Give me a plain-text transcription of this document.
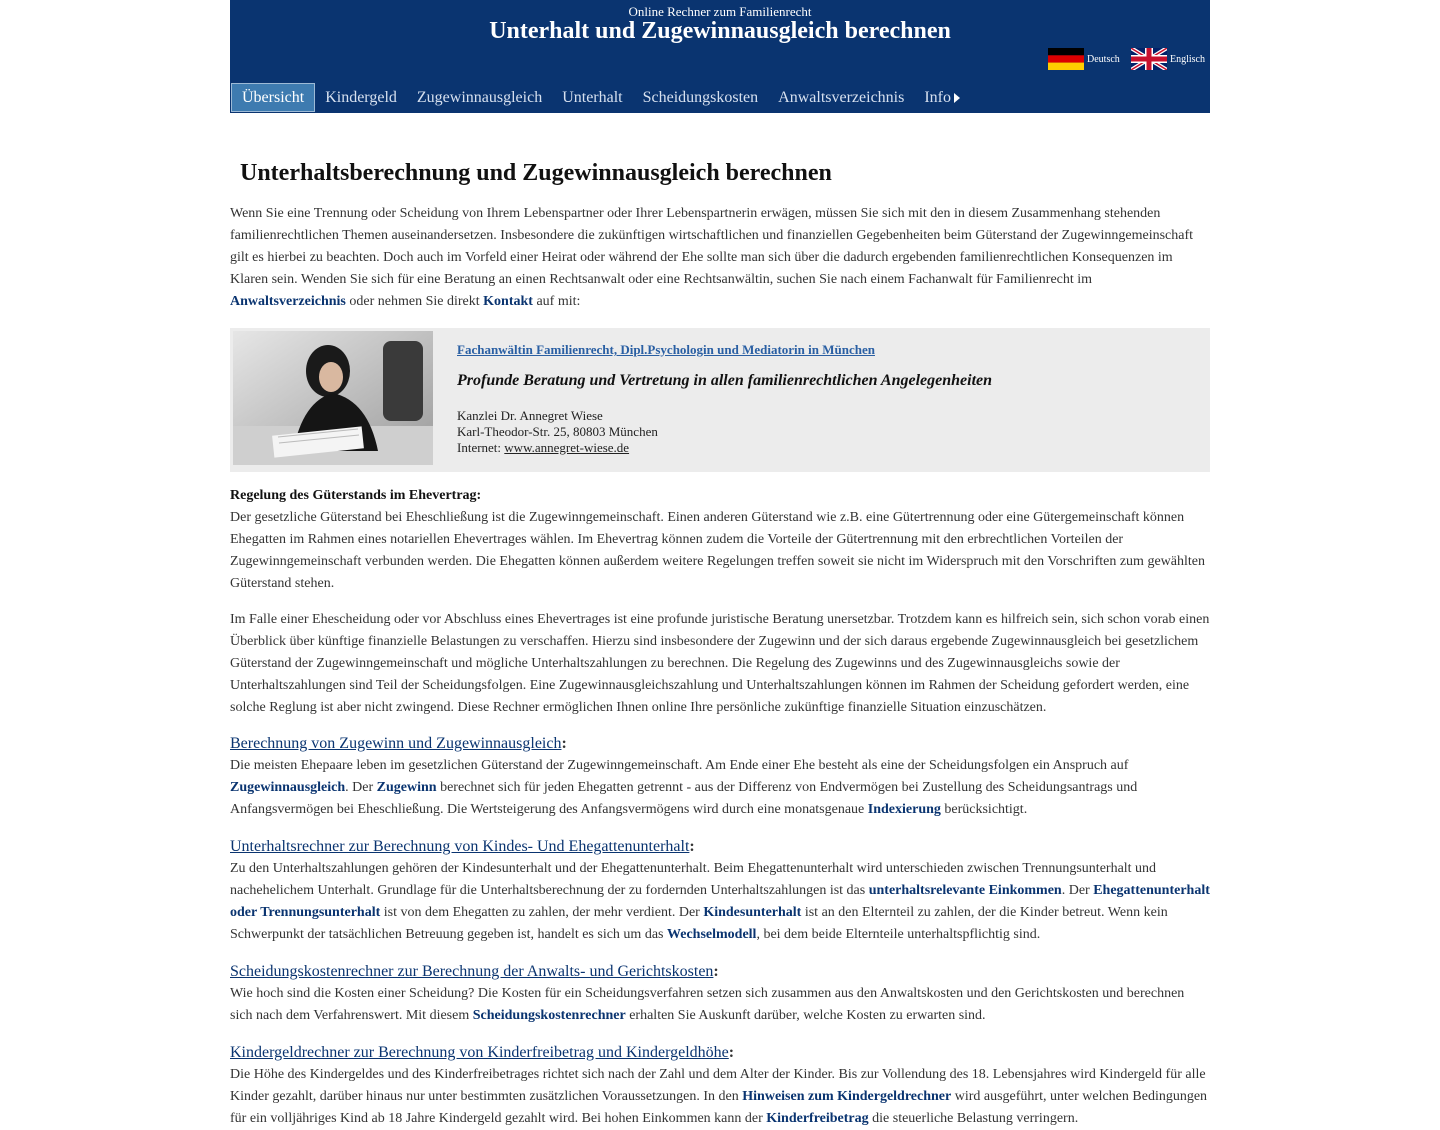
Online Rechner zum Familienrecht
Unterhalt und Zugewinnausgleich berechnen
Deutsch	Englisch
Übersicht	Kindergeld	Zugewinnausgleich	Unterhalt	Scheidungskosten	Anwaltsverzeichnis	Info
Unterhaltsberechnung und Zugewinnausgleich berechnen

Wenn Sie eine Trennung oder Scheidung von Ihrem Lebenspartner oder Ihrer Lebenspartnerin erwägen, müssen Sie sich mit den in diesem Zusammenhang stehenden familienrechtlichen Themen auseinandersetzen. Insbesondere die zukünftigen wirtschaftlichen und finanziellen Gegebenheiten beim Güterstand der Zugewinngemeinschaft gilt es hierbei zu beachten. Doch auch im Vorfeld einer Heirat oder während der Ehe sollte man sich über die dadurch ergebenden familienrechtlichen Konsequenzen im Klaren sein. Wenden Sie sich für eine Beratung an einen Rechtsanwalt oder eine Rechtsanwältin, suchen Sie nach einem Fachanwalt für Familienrecht im Anwaltsverzeichnis oder nehmen Sie direkt Kontakt auf mit:

Fachanwältin Familienrecht, Dipl.Psychologin und Mediatorin in München
Profunde Beratung und Vertretung in allen familienrechtlichen Angelegenheiten
Kanzlei Dr. Annegret Wiese
Karl-Theodor-Str. 25, 80803 München
Internet: www.annegret-wiese.de

Regelung des Güterstands im Ehevertrag:

Der gesetzliche Güterstand bei Eheschließung ist die Zugewinngemeinschaft. Einen anderen Güterstand wie z.B. eine Gütertrennung oder eine Gütergemeinschaft können Ehegatten im Rahmen eines notariellen Ehevertrages wählen. Im Ehevertrag können zudem die Vorteile der Gütertrennung mit den erbrechtlichen Vorteilen der Zugewinngemeinschaft verbunden werden. Die Ehegatten können außerdem weitere Regelungen treffen soweit sie nicht im Widerspruch mit den Vorschriften zum gewählten Güterstand stehen.

Im Falle einer Ehescheidung oder vor Abschluss eines Ehevertrages ist eine profunde juristische Beratung unersetzbar. Trotzdem kann es hilfreich sein, sich schon vorab einen Überblick über künftige finanzielle Belastungen zu verschaffen. Hierzu sind insbesondere der Zugewinn und der sich daraus ergebende Zugewinnausgleich bei gesetzlichem Güterstand der Zugewinngemeinschaft und mögliche Unterhaltszahlungen zu berechnen. Die Regelung des Zugewinns und des Zugewinnausgleichs sowie der Unterhaltszahlungen sind Teil der Scheidungsfolgen. Eine Zugewinnausgleichszahlung und Unterhaltszahlungen können im Rahmen der Scheidung gefordert werden, eine solche Reglung ist aber nicht zwingend. Diese Rechner ermöglichen Ihnen online Ihre persönliche zukünftige finanzielle Situation einzuschätzen.

Berechnung von Zugewinn und Zugewinnausgleich:

Die meisten Ehepaare leben im gesetzlichen Güterstand der Zugewinngemeinschaft. Am Ende einer Ehe besteht als eine der Scheidungsfolgen ein Anspruch auf Zugewinnausgleich. Der Zugewinn berechnet sich für jeden Ehegatten getrennt - aus der Differenz von Endvermögen bei Zustellung des Scheidungsantrags und Anfangsvermögen bei Eheschließung. Die Wertsteigerung des Anfangsvermögens wird durch eine monatsgenaue Indexierung berücksichtigt.

Unterhaltsrechner zur Berechnung von Kindes- Und Ehegattenunterhalt:

Zu den Unterhaltszahlungen gehören der Kindesunterhalt und der Ehegattenunterhalt. Beim Ehegattenunterhalt wird unterschieden zwischen Trennungsunterhalt und nachehelichem Unterhalt. Grundlage für die Unterhaltsberechnung der zu fordernden Unterhaltszahlungen ist das unterhaltsrelevante Einkommen. Der Ehegattenunterhalt oder Trennungsunterhalt ist von dem Ehegatten zu zahlen, der mehr verdient. Der Kindesunterhalt ist an den Elternteil zu zahlen, der die Kinder betreut. Wenn kein Schwerpunkt der tatsächlichen Betreuung gegeben ist, handelt es sich um das Wechselmodell, bei dem beide Elternteile unterhaltspflichtig sind.

Scheidungskostenrechner zur Berechnung der Anwalts- und Gerichtskosten:

Wie hoch sind die Kosten einer Scheidung? Die Kosten für ein Scheidungsverfahren setzen sich zusammen aus den Anwaltskosten und den Gerichtskosten und berechnen sich nach dem Verfahrenswert. Mit diesem Scheidungskostenrechner erhalten Sie Auskunft darüber, welche Kosten zu erwarten sind.

Kindergeldrechner zur Berechnung von Kinderfreibetrag und Kindergeldhöhe:

Die Höhe des Kindergeldes und des Kinderfreibetrages richtet sich nach der Zahl und dem Alter der Kinder. Bis zur Vollendung des 18. Lebensjahres wird Kindergeld für alle Kinder gezahlt, darüber hinaus nur unter bestimmten zusätzlichen Voraussetzungen. In den Hinweisen zum Kindergeldrechner wird ausgeführt, unter welchen Bedingungen für ein volljähriges Kind ab 18 Jahre Kindergeld gezahlt wird. Bei hohen Einkommen kann der Kinderfreibetrag die steuerliche Belastung verringern.
